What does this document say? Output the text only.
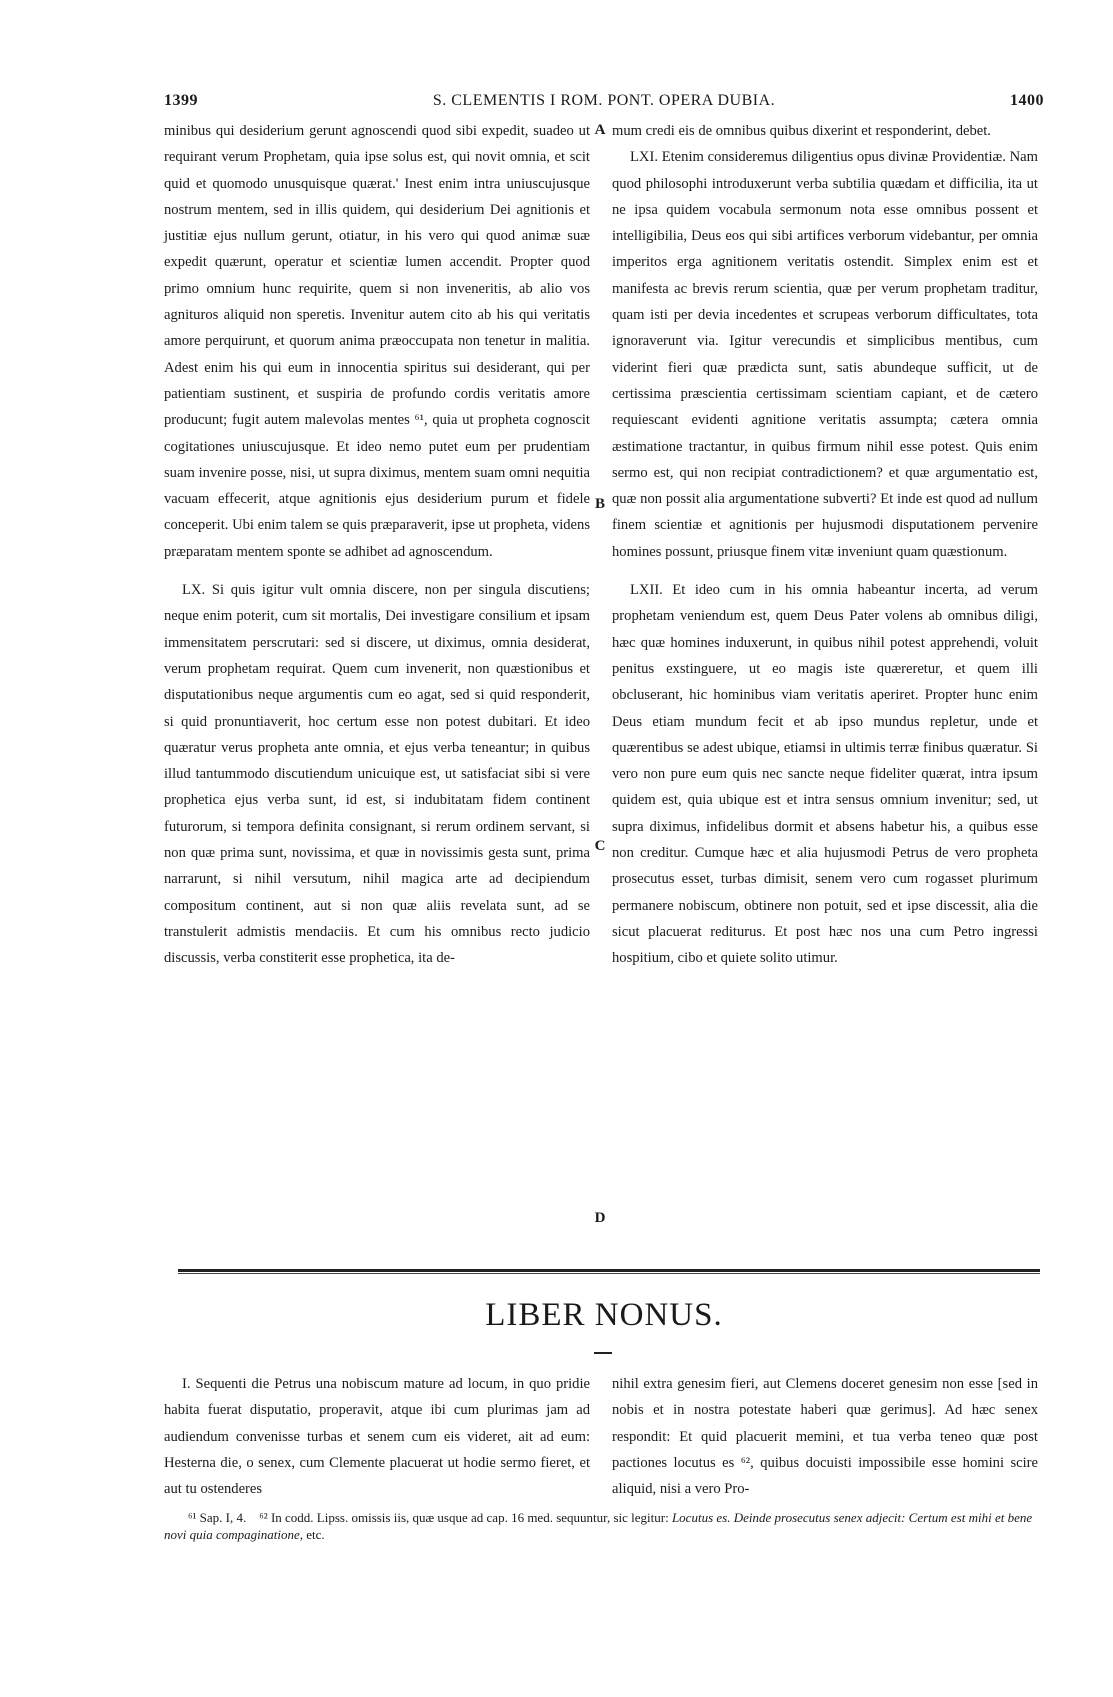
1399	S. CLEMENTIS I ROM. PONT. OPERA DUBIA.	1400

minibus qui desiderium gerunt agnoscendi quod sibi expedit, suadeo ut requirant verum Prophetam, quia ipse solus est, qui novit omnia, et scit quid et quomodo unusquisque quærat.' Inest enim intra uniuscujusque nostrum mentem, sed in illis quidem, qui desiderium Dei agnitionis et justitiæ ejus nullum gerunt, otiatur, in his vero qui quod animæ suæ expedit quærunt, operatur et scientiæ lumen accendit. Propter quod primo omnium hunc requirite, quem si non inveneritis, ab alio vos agnituros aliquid non speretis. Invenitur autem cito ab his qui veritatis amore perquirunt, et quorum anima præoccupata non tenetur in malitia. Adest enim his qui eum in innocentia spiritus sui desiderant, qui per patientiam sustinent, et suspiria de profundo cordis veritatis amore producunt; fugit autem malevolas mentes ⁶¹, quia ut propheta cognoscit cogitationes uniuscujusque. Et ideo nemo putet eum per prudentiam suam invenire posse, nisi, ut supra diximus, mentem suam omni nequitia vacuam effecerit, atque agnitionis ejus desiderium purum et fidele conceperit. Ubi enim talem se quis præparaverit, ipse ut propheta, videns præparatam mentem sponte se adhibet ad agnoscendum.

LX. Si quis igitur vult omnia discere, non per singula discutiens; neque enim poterit, cum sit mortalis, Dei investigare consilium et ipsam immensitatem perscrutari: sed si discere, ut diximus, omnia desiderat, verum prophetam requirat. Quem cum invenerit, non quæstionibus et disputationibus neque argumentis cum eo agat, sed si quid responderit, si quid pronuntiaverit, hoc certum esse non potest dubitari. Et ideo quæratur verus propheta ante omnia, et ejus verba teneantur; in quibus illud tantummodo discutiendum unicuique est, ut satisfaciat sibi si vere prophetica ejus verba sunt, id est, si indubitatam fidem continent futurorum, si tempora definita consignant, si rerum ordinem servant, si non quæ prima sunt, novissima, et quæ in novissimis gesta sunt, prima narrarunt, si nihil versutum, nihil magica arte ad decipiendum compositum continent, aut si non quæ aliis revelata sunt, ad se transtulerit admistis mendaciis. Et cum his omnibus recto judicio discussis, verba constiterit esse prophetica, ita de-

mum credi eis de omnibus quibus dixerint et responderint, debet.

LXI. Etenim consideremus diligentius opus divinæ Providentiæ. Nam quod philosophi introduxerunt verba subtilia quædam et difficilia, ita ut ne ipsa quidem vocabula sermonum nota esse omnibus possent et intelligibilia, Deus eos qui sibi artifices verborum videbantur, per omnia imperitos erga agnitionem veritatis ostendit. Simplex enim est et manifesta ac brevis rerum scientia, quæ per verum prophetam traditur, quam isti per devia incedentes et scrupeas verborum difficultates, tota ignoraverunt via. Igitur verecundis et simplicibus mentibus, cum viderint fieri quæ prædicta sunt, satis abundeque sufficit, ut de certissima præscientia certissimam scientiam capiant, et de cætero requiescant evidenti agnitione veritatis assumpta; cætera omnia æstimatione tractantur, in quibus firmum nihil esse potest. Quis enim sermo est, qui non recipiat contradictionem? et quæ argumentatio est, quæ non possit alia argumentatione subverti? Et inde est quod ad nullum finem scientiæ et agnitionis per hujusmodi disputationem pervenire homines possunt, priusque finem vitæ inveniunt quam quæstionum.

LXII. Et ideo cum in his omnia habeantur incerta, ad verum prophetam veniendum est, quem Deus Pater volens ab omnibus diligi, hæc quæ homines induxerunt, in quibus nihil potest apprehendi, voluit penitus exstinguere, ut eo magis iste quæreretur, et quem illi obcluserant, hic hominibus viam veritatis aperiret. Propter hunc enim Deus etiam mundum fecit et ab ipso mundus repletur, unde et quærentibus se adest ubique, etiamsi in ultimis terræ finibus quæratur. Si vero non pure eum quis nec sancte neque fideliter quærat, intra ipsum quidem est, quia ubique est et intra sensus omnium invenitur; sed, ut supra diximus, infidelibus dormit et absens habetur his, a quibus esse non creditur. Cumque hæc et alia hujusmodi Petrus de vero propheta prosecutus esset, turbas dimisit, senem vero cum rogasset plurimum permanere nobiscum, obtinere non potuit, sed et ipse discessit, alia die sicut placuerat rediturus. Et post hæc nos una cum Petro ingressi hospitium, cibo et quiete solito utimur.

A
B
C
D
LIBER NONUS.

I. Sequenti die Petrus una nobiscum mature ad locum, in quo pridie habita fuerat disputatio, properavit, atque ibi cum plurimas jam ad audiendum convenisse turbas et senem cum eis videret, ait ad eum: Hesterna die, o senex, cum Clemente placuerat ut hodie sermo fieret, et aut tu ostenderes

nihil extra genesim fieri, aut Clemens doceret genesim non esse [sed in nobis et in nostra potestate haberi quæ gerimus]. Ad hæc senex respondit: Et quid placuerit memini, et tua verba teneo quæ post pactiones locutus es ⁶², quibus docuisti impossibile esse homini scire aliquid, nisi a vero Pro-

⁶¹ Sap. I, 4. ⁶² In codd. Lipss. omissis iis, quæ usque ad cap. 16 med. sequuntur, sic legitur: Locutus es. Deinde prosecutus senex adjecit: Certum est mihi et bene novi quia compaginatione, etc.
